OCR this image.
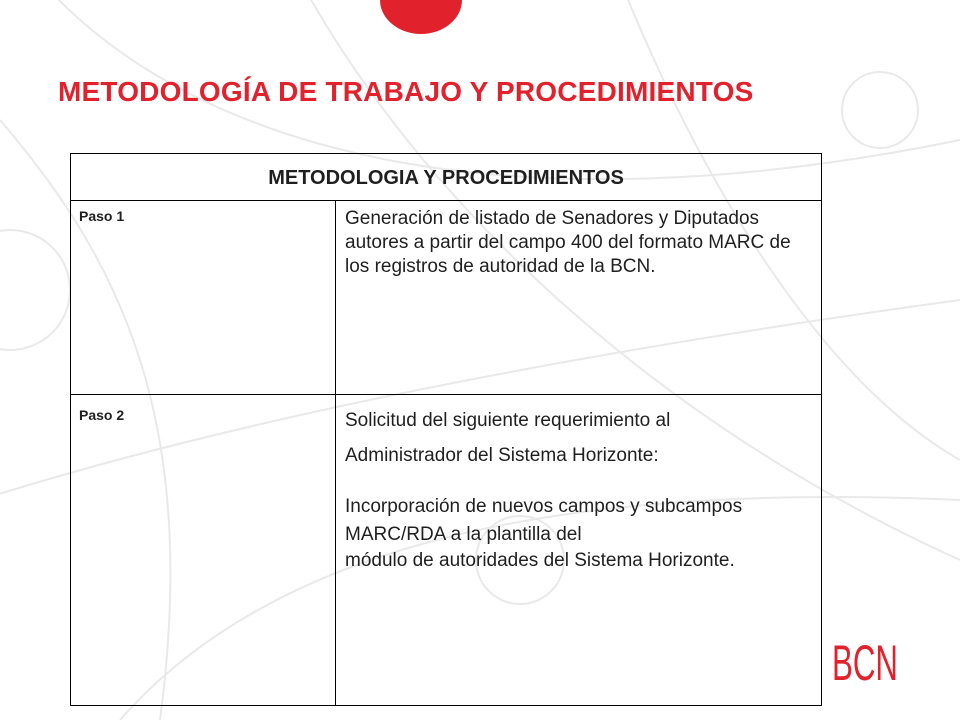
METODOLOGÍA DE TRABAJO Y PROCEDIMIENTOS
METODOLOGIA Y PROCEDIMIENTOS	

Paso 1	Generación de listado de Senadores y Diputados autores a partir del campo 400 del formato MARC de los registros de autoridad de la BCN.

Paso 2	Solicitud del siguiente requerimiento al

Administrador del Sistema Horizonte:

Incorporación de nuevos campos y subcampos MARC/RDA a la plantilla del

módulo de autoridades del Sistema Horizonte.

BCN
